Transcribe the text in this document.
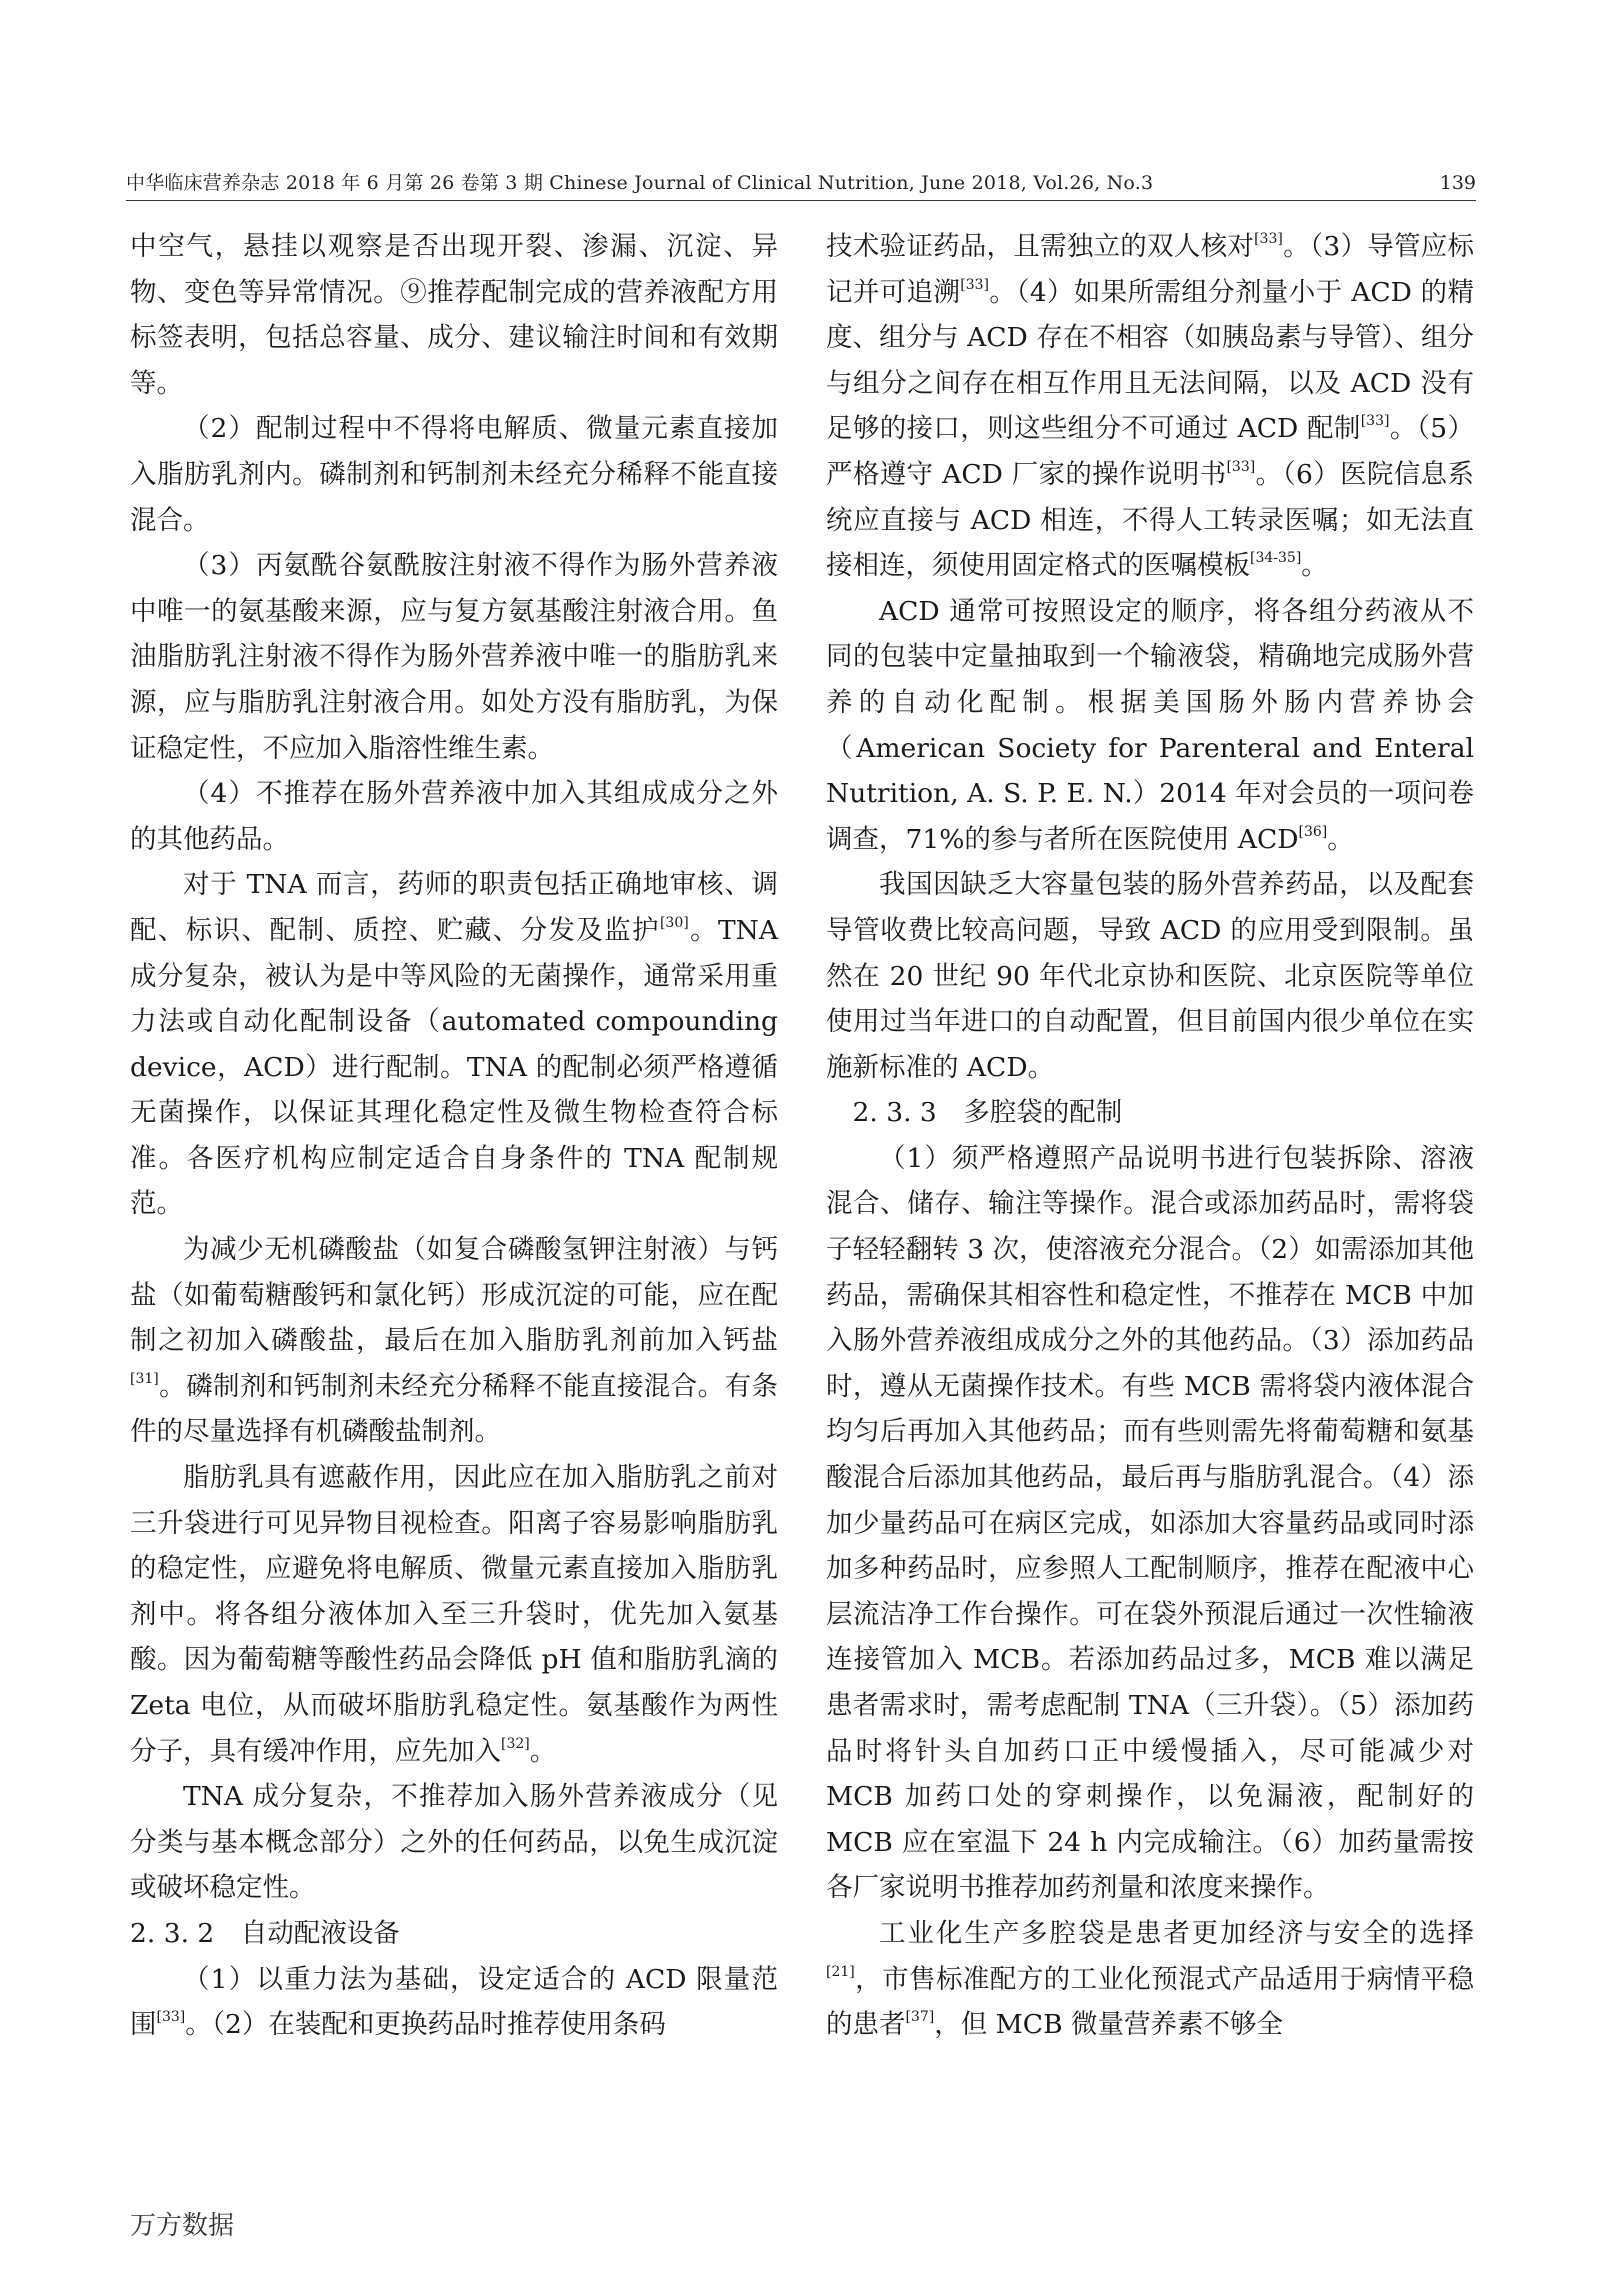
中华临床营养杂志 2018 年 6 月第 26 卷第 3 期 Chinese Journal of Clinical Nutrition, June 2018, Vol.26, No.3	139

中空气，悬挂以观察是否出现开裂、渗漏、沉淀、异物、变色等异常情况。⑨推荐配制完成的营养液配方用标签表明，包括总容量、成分、建议输注时间和有效期等。

（2）配制过程中不得将电解质、微量元素直接加入脂肪乳剂内。磷制剂和钙制剂未经充分稀释不能直接混合。

（3）丙氨酰谷氨酰胺注射液不得作为肠外营养液中唯一的氨基酸来源，应与复方氨基酸注射液合用。鱼油脂肪乳注射液不得作为肠外营养液中唯一的脂肪乳来源，应与脂肪乳注射液合用。如处方没有脂肪乳，为保证稳定性，不应加入脂溶性维生素。

（4）不推荐在肠外营养液中加入其组成成分之外的其他药品。

对于 TNA 而言，药师的职责包括正确地审核、调配、标识、配制、质控、贮藏、分发及监护[30]。TNA 成分复杂，被认为是中等风险的无菌操作，通常采用重力法或自动化配制设备（automated compounding device，ACD）进行配制。TNA 的配制必须严格遵循无菌操作，以保证其理化稳定性及微生物检查符合标准。各医疗机构应制定适合自身条件的 TNA 配制规范。

为减少无机磷酸盐（如复合磷酸氢钾注射液）与钙盐（如葡萄糖酸钙和氯化钙）形成沉淀的可能，应在配制之初加入磷酸盐，最后在加入脂肪乳剂前加入钙盐[31]。磷制剂和钙制剂未经充分稀释不能直接混合。有条件的尽量选择有机磷酸盐制剂。

脂肪乳具有遮蔽作用，因此应在加入脂肪乳之前对三升袋进行可见异物目视检查。阳离子容易影响脂肪乳的稳定性，应避免将电解质、微量元素直接加入脂肪乳剂中。将各组分液体加入至三升袋时，优先加入氨基酸。因为葡萄糖等酸性药品会降低 pH 值和脂肪乳滴的 Zeta 电位，从而破坏脂肪乳稳定性。氨基酸作为两性分子，具有缓冲作用，应先加入[32]。

TNA 成分复杂，不推荐加入肠外营养液成分（见分类与基本概念部分）之外的任何药品，以免生成沉淀或破坏稳定性。

2. 3. 2　自动配液设备

（1）以重力法为基础，设定适合的 ACD 限量范围[33]。（2）在装配和更换药品时推荐使用条码

技术验证药品，且需独立的双人核对[33]。（3）导管应标记并可追溯[33]。（4）如果所需组分剂量小于 ACD 的精度、组分与 ACD 存在不相容（如胰岛素与导管）、组分与组分之间存在相互作用且无法间隔，以及 ACD 没有足够的接口，则这些组分不可通过 ACD 配制[33]。（5）严格遵守 ACD 厂家的操作说明书[33]。（6）医院信息系统应直接与 ACD 相连，不得人工转录医嘱；如无法直接相连，须使用固定格式的医嘱模板[34-35]。

ACD 通常可按照设定的顺序，将各组分药液从不同的包装中定量抽取到一个输液袋，精确地完成肠外营养的自动化配制。根据美国肠外肠内营养协会（American Society for Parenteral and Enteral Nutrition, A. S. P. E. N.）2014 年对会员的一项问卷调查，71%的参与者所在医院使用 ACD[36]。

我国因缺乏大容量包装的肠外营养药品，以及配套导管收费比较高问题，导致 ACD 的应用受到限制。虽然在 20 世纪 90 年代北京协和医院、北京医院等单位使用过当年进口的自动配置，但目前国内很少单位在实施新标准的 ACD。

　2. 3. 3　多腔袋的配制

（1）须严格遵照产品说明书进行包装拆除、溶液混合、储存、输注等操作。混合或添加药品时，需将袋子轻轻翻转 3 次，使溶液充分混合。（2）如需添加其他药品，需确保其相容性和稳定性，不推荐在 MCB 中加入肠外营养液组成成分之外的其他药品。（3）添加药品时，遵从无菌操作技术。有些 MCB 需将袋内液体混合均匀后再加入其他药品；而有些则需先将葡萄糖和氨基酸混合后添加其他药品，最后再与脂肪乳混合。（4）添加少量药品可在病区完成，如添加大容量药品或同时添加多种药品时，应参照人工配制顺序，推荐在配液中心层流洁净工作台操作。可在袋外预混后通过一次性输液连接管加入 MCB。若添加药品过多，MCB 难以满足患者需求时，需考虑配制 TNA（三升袋）。（5）添加药品时将针头自加药口正中缓慢插入，尽可能减少对 MCB 加药口处的穿刺操作，以免漏液，配制好的 MCB 应在室温下 24 h 内完成输注。（6）加药量需按各厂家说明书推荐加药剂量和浓度来操作。

工业化生产多腔袋是患者更加经济与安全的选择[21]，市售标准配方的工业化预混式产品适用于病情平稳的患者[37]，但 MCB 微量营养素不够全

万方数据
